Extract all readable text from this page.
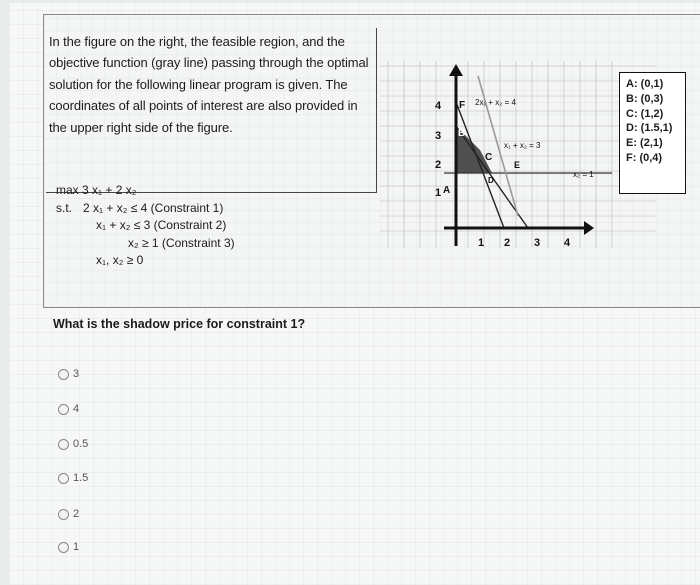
In the figure on the right, the feasible region, and the objective function (gray line) passing through the optimal solution for the following linear program is given. The coordinates of all points of interest are also provided in the upper right side of the figure.
max 3 x₁ + 2 x₂
s.t. 2 x₁ + x₂ ≤ 4 (Constraint 1)
x₁ + x₂ ≤ 3 (Constraint 2)
x₂ ≥ 1 (Constraint 3)
x₁, x₂ ≥ 0
1 2 3 4
1
2
3
4	2x₁ + x₂ = 4
x₁ + x₂ = 3
x₂ = 1
A
B
C
D
E
F
A: (0,1)
B: (0,3)
C: (1,2)
D: (1.5,1)
E: (2,1)
F: (0,4)
What is the shadow price for constraint 1?
3
4
0.5
1.5
2
1
